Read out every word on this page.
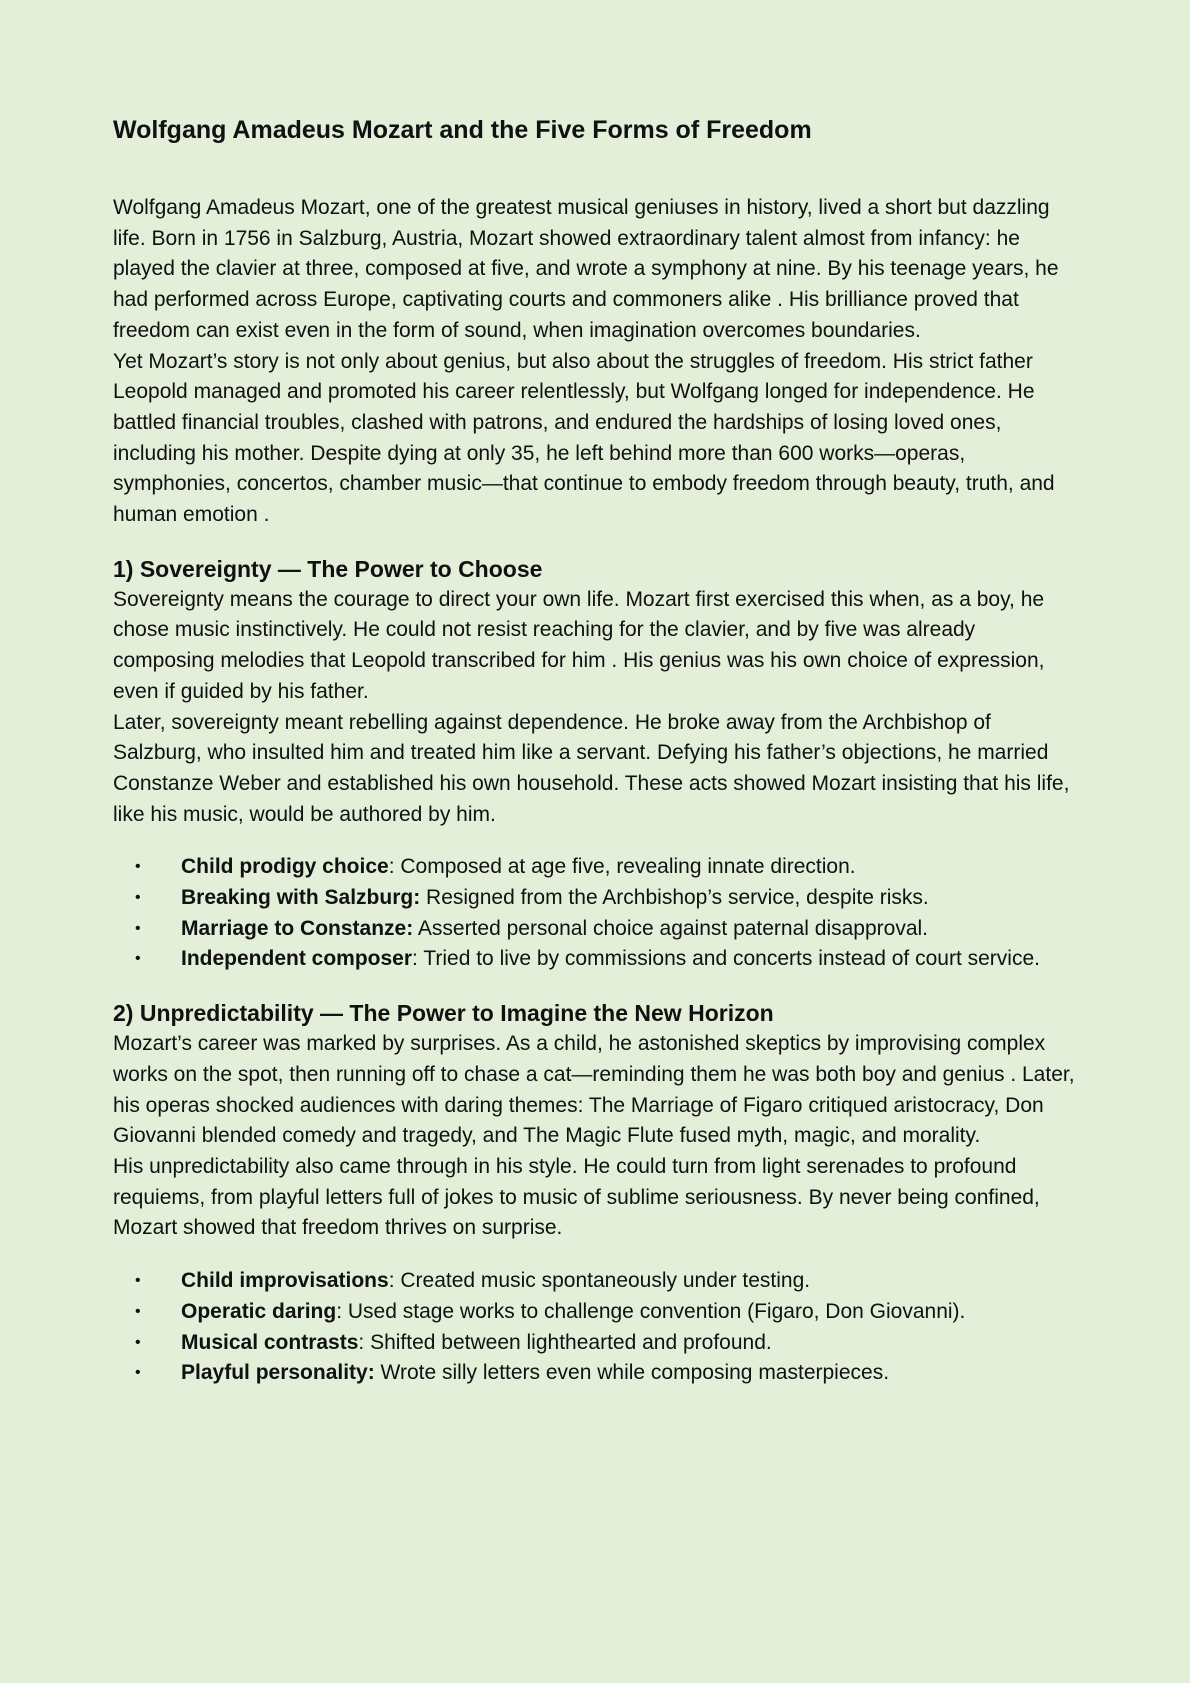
Wolfgang Amadeus Mozart and the Five Forms of Freedom

Wolfgang Amadeus Mozart, one of the greatest musical geniuses in history, lived a short but dazzling life. Born in 1756 in Salzburg, Austria, Mozart showed extraordinary talent almost from infancy: he played the clavier at three, composed at five, and wrote a symphony at nine. By his teenage years, he had performed across Europe, captivating courts and commoners alike . His brilliance proved that freedom can exist even in the form of sound, when imagination overcomes boundaries.

Yet Mozart’s story is not only about genius, but also about the struggles of freedom. His strict father Leopold managed and promoted his career relentlessly, but Wolfgang longed for independence. He battled financial troubles, clashed with patrons, and endured the hardships of losing loved ones, including his mother. Despite dying at only 35, he left behind more than 600 works—operas, symphonies, concertos, chamber music—that continue to embody freedom through beauty, truth, and human emotion .

1) Sovereignty — The Power to Choose

Sovereignty means the courage to direct your own life. Mozart first exercised this when, as a boy, he chose music instinctively. He could not resist reaching for the clavier, and by five was already composing melodies that Leopold transcribed for him . His genius was his own choice of expression, even if guided by his father.

Later, sovereignty meant rebelling against dependence. He broke away from the Archbishop of Salzburg, who insulted him and treated him like a servant. Defying his father’s objections, he married Constanze Weber and established his own household. These acts showed Mozart insisting that his life, like his music, would be authored by him.

• Child prodigy choice: Composed at age five, revealing innate direction.
• Breaking with Salzburg: Resigned from the Archbishop’s service, despite risks.
• Marriage to Constanze: Asserted personal choice against paternal disapproval.
• Independent composer: Tried to live by commissions and concerts instead of court service.
2) Unpredictability — The Power to Imagine the New Horizon

Mozart’s career was marked by surprises. As a child, he astonished skeptics by improvising complex works on the spot, then running off to chase a cat—reminding them he was both boy and genius . Later, his operas shocked audiences with daring themes: The Marriage of Figaro critiqued aristocracy, Don Giovanni blended comedy and tragedy, and The Magic Flute fused myth, magic, and morality.

His unpredictability also came through in his style. He could turn from light serenades to profound requiems, from playful letters full of jokes to music of sublime seriousness. By never being confined, Mozart showed that freedom thrives on surprise.

• Child improvisations: Created music spontaneously under testing.
• Operatic daring: Used stage works to challenge convention (Figaro, Don Giovanni).
• Musical contrasts: Shifted between lighthearted and profound.
• Playful personality: Wrote silly letters even while composing masterpieces.
